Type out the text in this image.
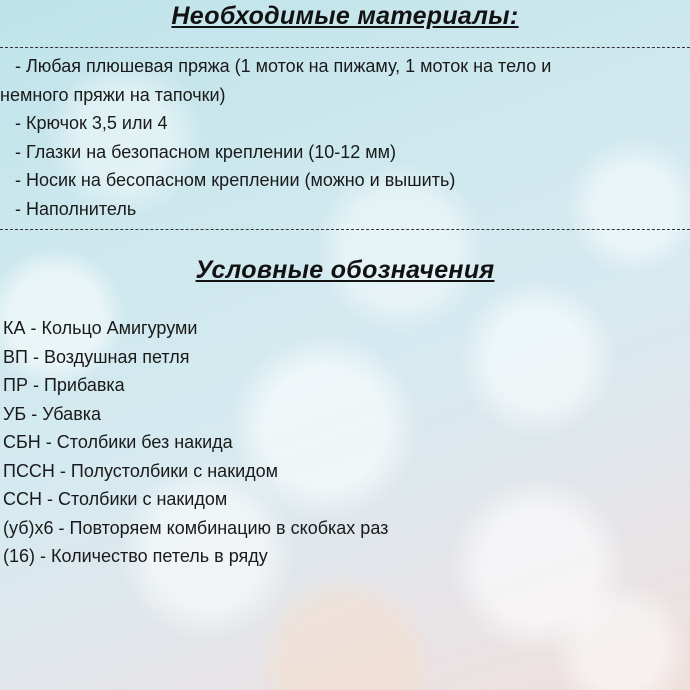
Необходимые материалы:
- Любая плюшевая пряжа (1 моток на пижаму, 1 моток на тело и
немного пряжи на тапочки)
- Крючок 3,5 или 4
- Глазки на безопасном креплении (10-12 мм)
- Носик на бесопасном креплении (можно и вышить)
- Наполнитель
Условные обозначения
КА - Кольцо Амигуруми
ВП - Воздушная петля
ПР - Прибавка
УБ - Убавка
СБН - Столбики без накида
ПССН - Полустолбики с накидом
ССН - Столбики с накидом
(уб)х6 - Повторяем комбинацию в скобках раз
(16) - Количество петель в ряду
